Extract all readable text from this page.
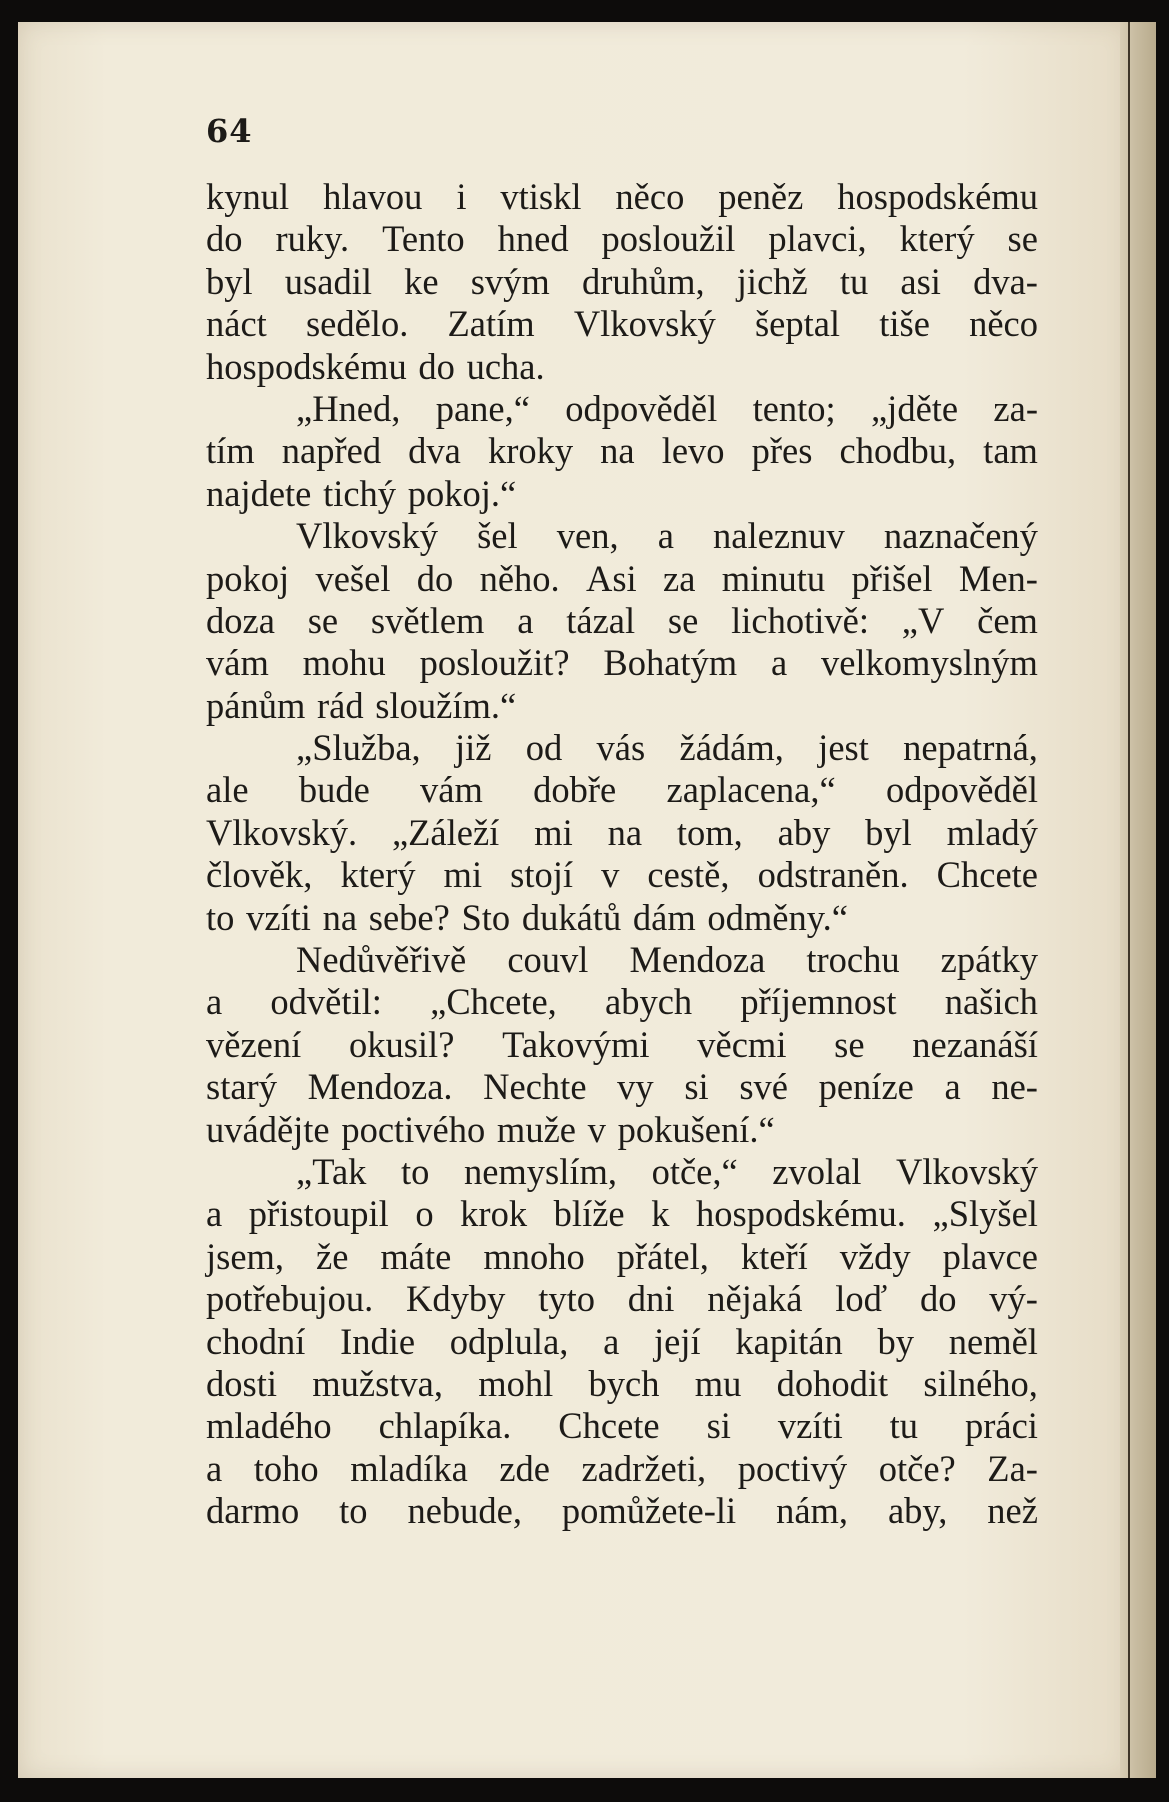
64
kynul hlavou i vtiskl něco peněz hospodskému
do ruky. Tento hned posloužil plavci, který se
byl usadil ke svým druhům, jichž tu asi dva-
náct sedělo. Zatím Vlkovský šeptal tiše něco
hospodskému do ucha.
„Hned, pane,“ odpověděl tento; „jděte za-
tím napřed dva kroky na levo přes chodbu, tam
najdete tichý pokoj.“
Vlkovský šel ven, a naleznuv naznačený
pokoj vešel do něho. Asi za minutu přišel Men-
doza se světlem a tázal se lichotivě: „V čem
vám mohu posloužit? Bohatým a velkomyslným
pánům rád sloužím.“
„Služba, již od vás žádám, jest nepatrná,
ale bude vám dobře zaplacena,“ odpověděl
Vlkovský. „Záleží mi na tom, aby byl mladý
člověk, který mi stojí v cestě, odstraněn. Chcete
to vzíti na sebe? Sto dukátů dám odměny.“
Nedůvěřivě couvl Mendoza trochu zpátky
a odvětil: „Chcete, abych příjemnost našich
vězení okusil? Takovými věcmi se nezanáší
starý Mendoza. Nechte vy si své peníze a ne-
uvádějte poctivého muže v pokušení.“
„Tak to nemyslím, otče,“ zvolal Vlkovský
a přistoupil o krok blíže k hospodskému. „Slyšel
jsem, že máte mnoho přátel, kteří vždy plavce
potřebujou. Kdyby tyto dni nějaká loď do vý-
chodní Indie odplula, a její kapitán by neměl
dosti mužstva, mohl bych mu dohodit silného,
mladého chlapíka. Chcete si vzíti tu práci
a toho mladíka zde zadržeti, poctivý otče? Za-
darmo to nebude, pomůžete-li nám, aby, než
